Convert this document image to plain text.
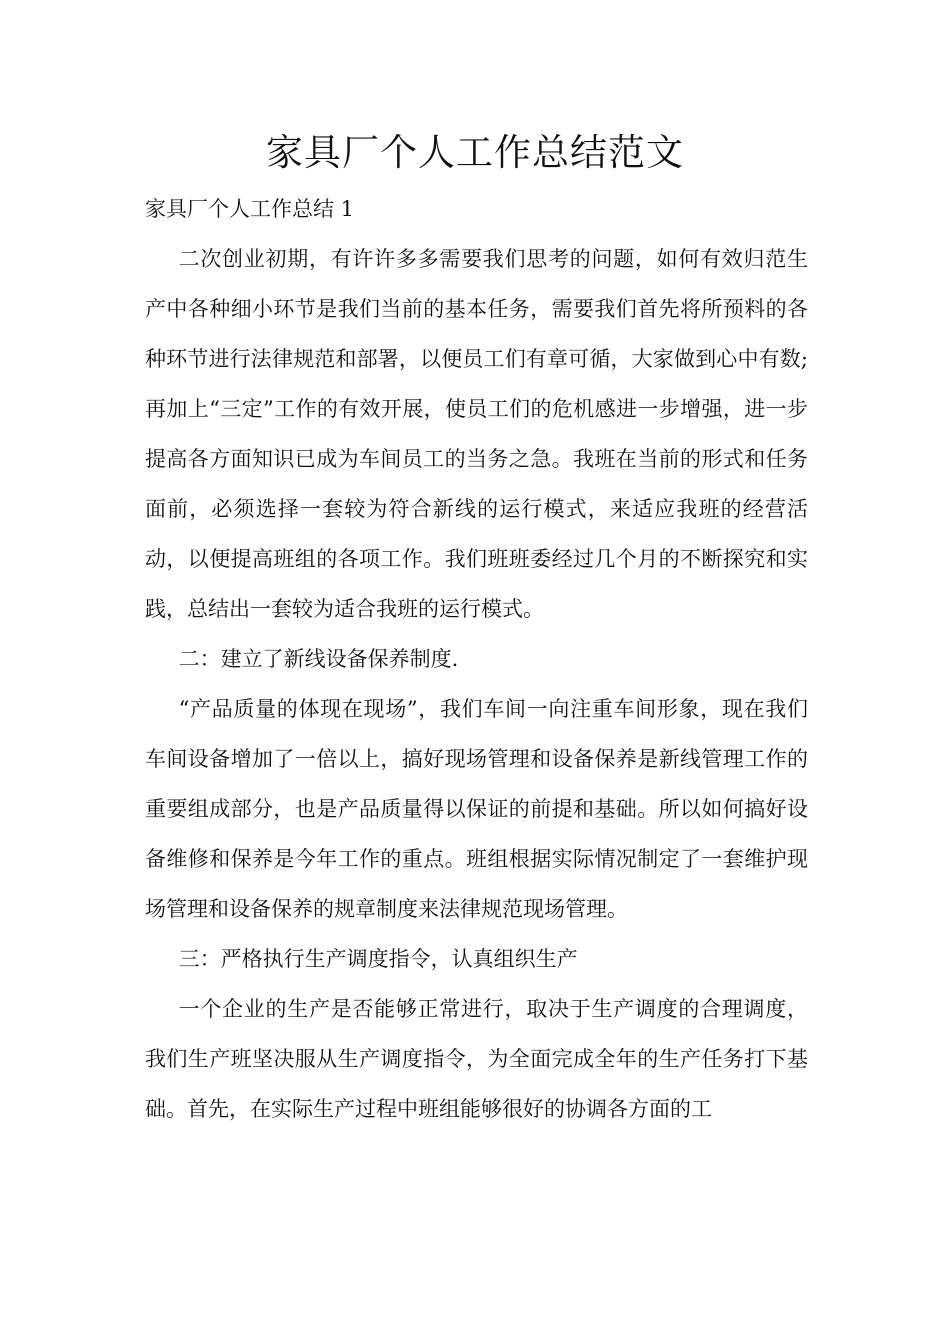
家具厂个人工作总结范文

家具厂个人工作总结 1

二次创业初期，有许许多多需要我们思考的问题，如何有效归范生产中各种细小环节是我们当前的基本任务，需要我们首先将所预料的各种环节进行法律规范和部署，以便员工们有章可循，大家做到心中有数;再加上“三定”工作的有效开展，使员工们的危机感进一步增强，进一步提高各方面知识已成为车间员工的当务之急。我班在当前的形式和任务面前，必须选择一套较为符合新线的运行模式，来适应我班的经营活动，以便提高班组的各项工作。我们班班委经过几个月的不断探究和实践，总结出一套较为适合我班的运行模式。

二：建立了新线设备保养制度.

“产品质量的体现在现场”，我们车间一向注重车间形象，现在我们车间设备增加了一倍以上，搞好现场管理和设备保养是新线管理工作的重要组成部分，也是产品质量得以保证的前提和基础。所以如何搞好设备维修和保养是今年工作的重点。班组根据实际情况制定了一套维护现场管理和设备保养的规章制度来法律规范现场管理。

三：严格执行生产调度指令，认真组织生产

一个企业的生产是否能够正常进行，取决于生产调度的合理调度，我们生产班坚决服从生产调度指令，为全面完成全年的生产任务打下基础。首先，在实际生产过程中班组能够很好的协调各方面的工
